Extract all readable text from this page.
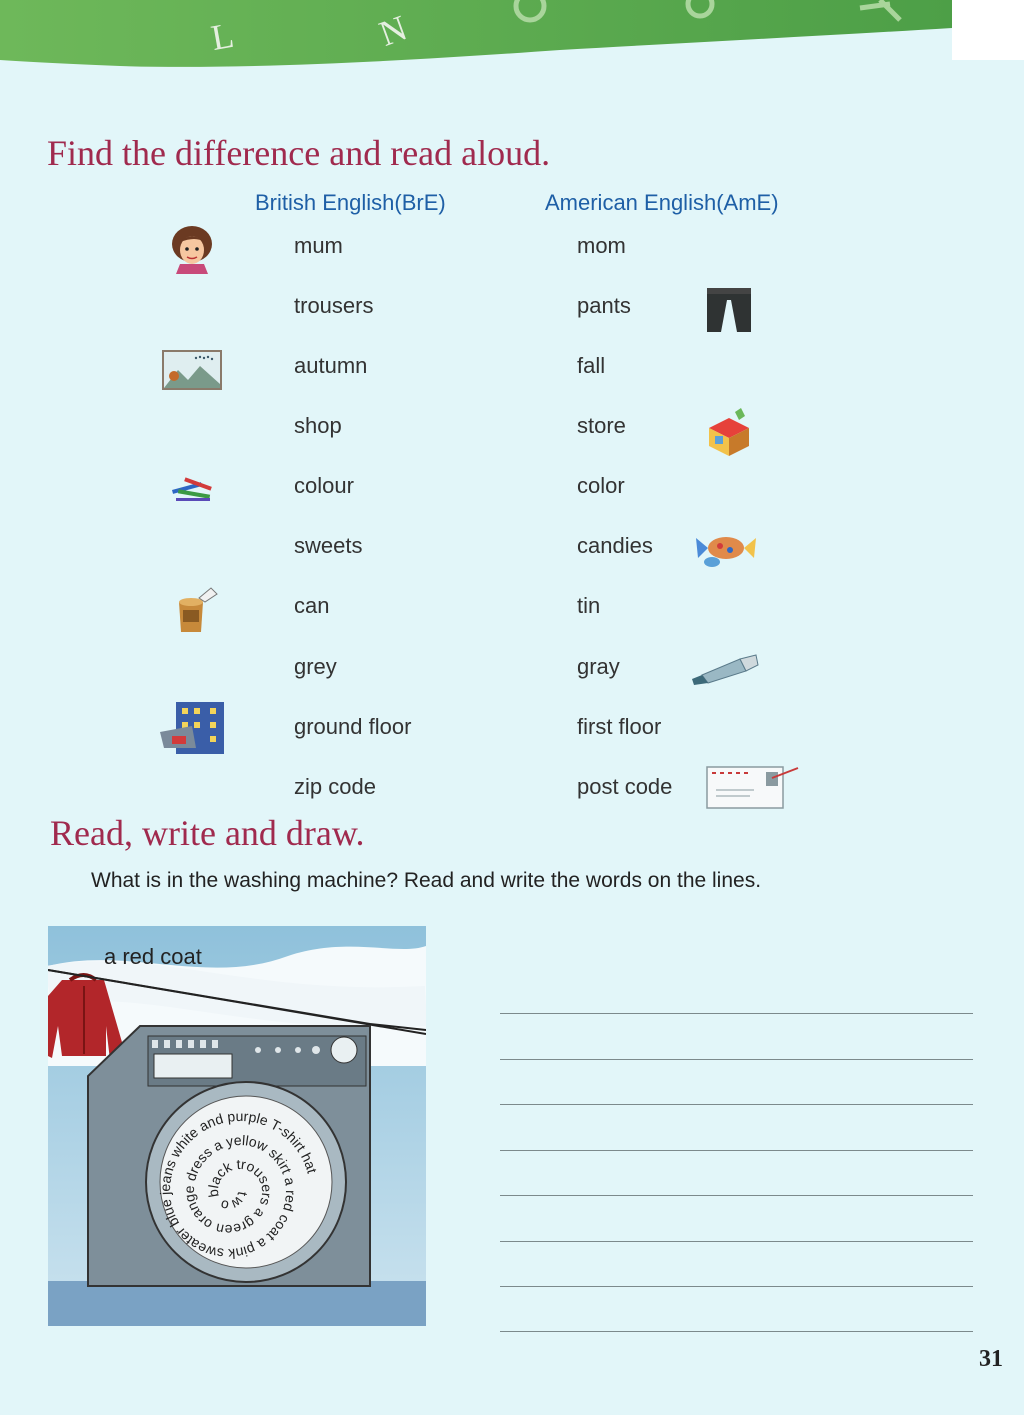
L	N
Find the difference and read aloud.
British English(BrE)	American English(AmE)
mum	mom
trousers	pants
autumn	fall
shop	store
colour	color
sweets	candies
can	tin
grey	gray
ground floor	first floor
zip code	post code
Read, write and draw.
What is in the washing machine? Read and write the words on the lines.
two black trousers a green orange dress a yellow skirt a red coat a pink sweater blue jeans white and purple T-shirt hat
a red coat
31
